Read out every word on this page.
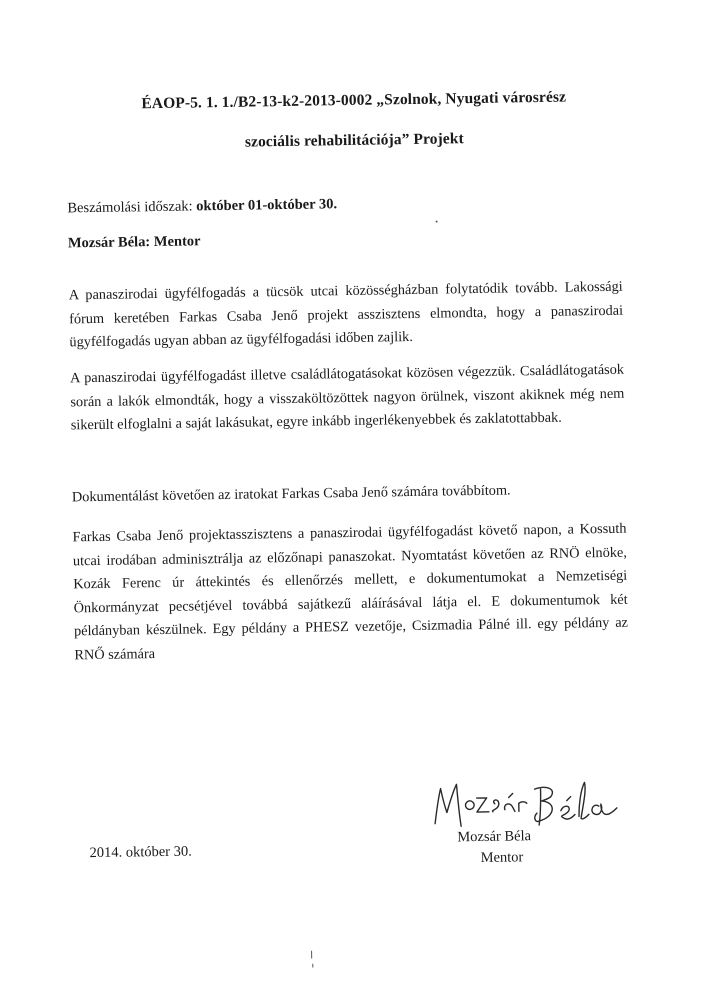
ÉAOP-5. 1. 1./B2-13-k2-2013-0002 „Szolnok, Nyugati városrész
szociális rehabilitációja” Projekt
Beszámolási időszak: október 01-október 30.
Mozsár Béla: Mentor

A panaszirodai ügyfélfogadás a tücsök utcai közösségházban folytatódik tovább. Lakossági fórum keretében Farkas Csaba Jenő projekt asszisztens elmondta, hogy a panaszirodai ügyfélfogadás ugyan abban az ügyfélfogadási időben zajlik.

A panaszirodai ügyfélfogadást illetve családlátogatásokat közösen végezzük. Családlátogatások során a lakók elmondták, hogy a visszaköltözöttek nagyon örülnek, viszont akiknek még nem sikerült elfoglalni a saját lakásukat, egyre inkább ingerlékenyebbek és zaklatottabbak.

Dokumentálást követően az iratokat Farkas Csaba Jenő számára továbbítom.

Farkas Csaba Jenő projektasszisztens a panaszirodai ügyfélfogadást követő napon, a Kossuth utcai irodában adminisztrálja az előzőnapi panaszokat. Nyomtatást követően az RNÖ elnöke, Kozák Ferenc úr áttekintés és ellenőrzés mellett, e dokumentumokat a Nemzetiségi Önkormányzat pecsétjével továbbá sajátkezű aláírásával látja el. E dokumentumok két példányban készülnek. Egy példány a PHESZ vezetője, Csizmadia Pálné ill. egy példány az RNŐ számára

2014. október 30.
Mozsár Béla
Mentor
